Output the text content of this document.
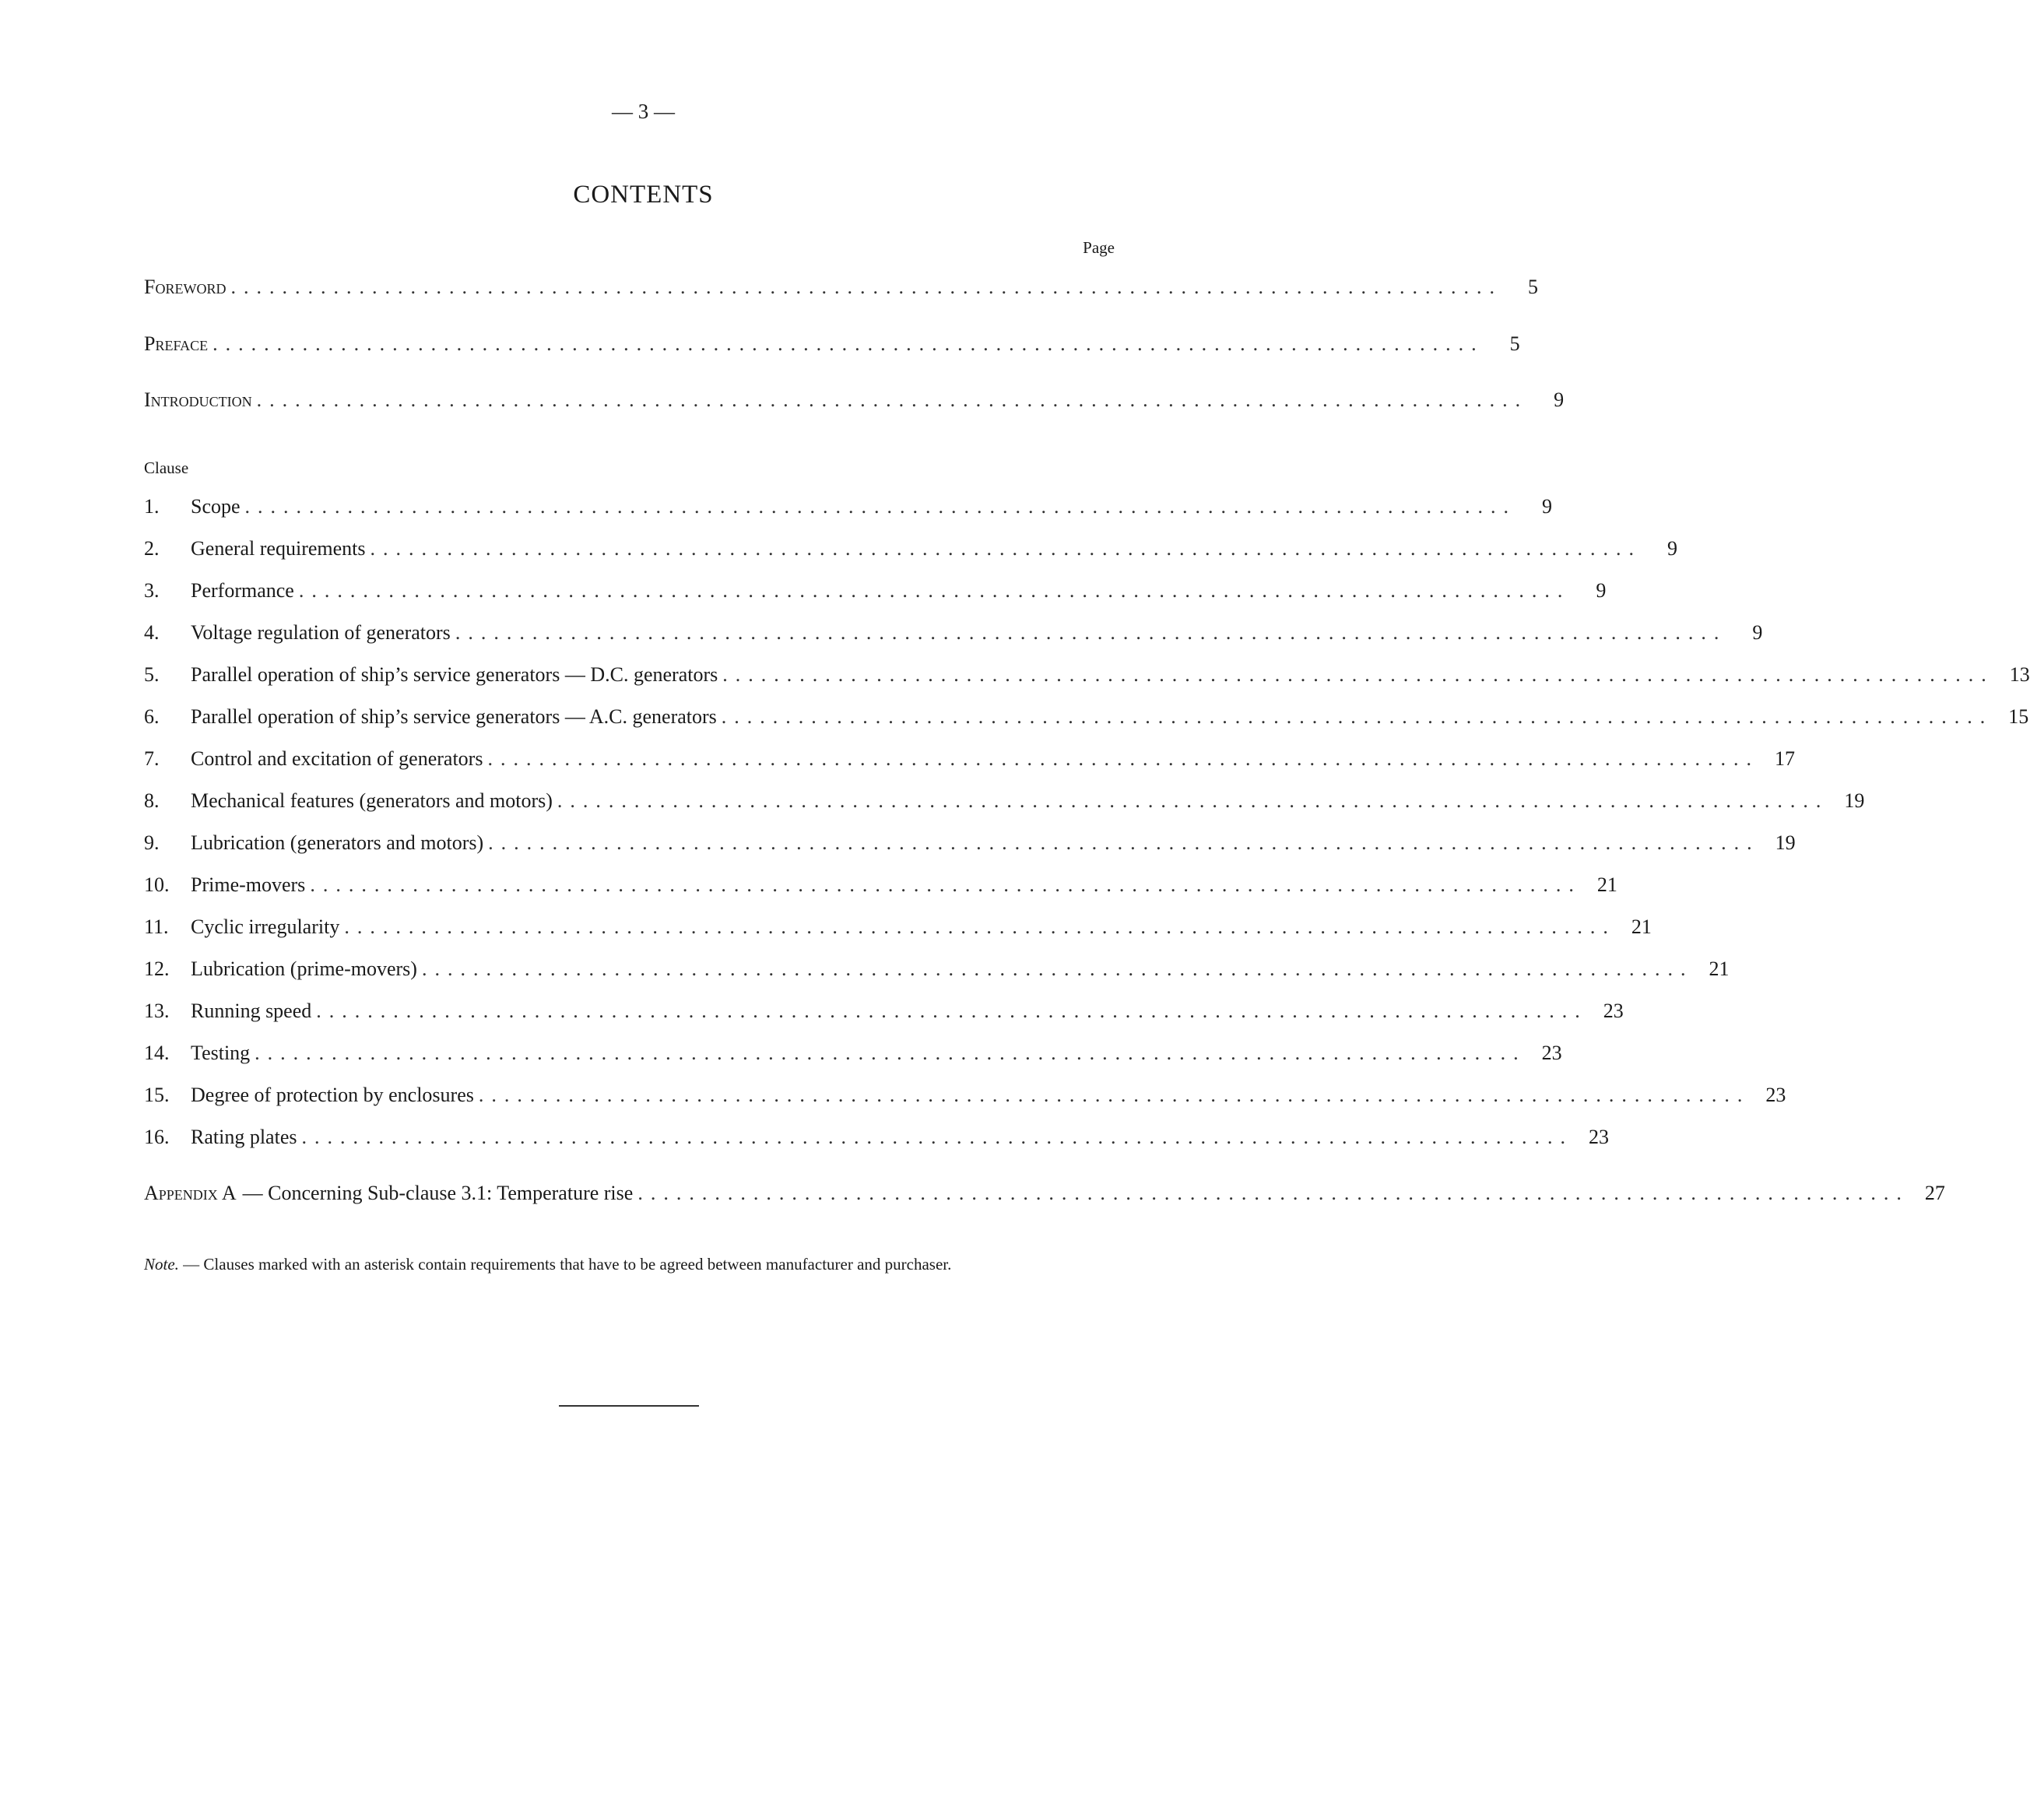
— 3 —
CONTENTS
Page
Foreword ...................................................................................................	5
Preface ...................................................................................................	5
Introduction ...................................................................................................	9
Clause
1.	Scope ...................................................................................................	9
2.	General requirements ...................................................................................................	9
3.	Performance ...................................................................................................	9
4.	Voltage regulation of generators ...................................................................................................	9
5.	Parallel operation of ship’s service generators — D.C. generators ................................................................................................... 13
6.	Parallel operation of ship’s service generators — A.C. generators ................................................................................................... 15
7.	Control and excitation of generators ................................................................................................... 17
8.	Mechanical features (generators and motors) ................................................................................................... 19
9.	Lubrication (generators and motors) ................................................................................................... 19
10.	Prime-movers ................................................................................................... 21
11.	Cyclic irregularity ................................................................................................... 21
12.	Lubrication (prime-movers) ................................................................................................... 21
13.	Running speed ................................................................................................... 23
14.	Testing ................................................................................................... 23
15.	Degree of protection by enclosures ................................................................................................... 23
16.	Rating plates ................................................................................................... 23
Appendix A — Concerning Sub-clause 3.1: Temperature rise ................................................................................................... 27
Note. — Clauses marked with an asterisk contain requirements that have to be agreed between manufacturer and purchaser.
